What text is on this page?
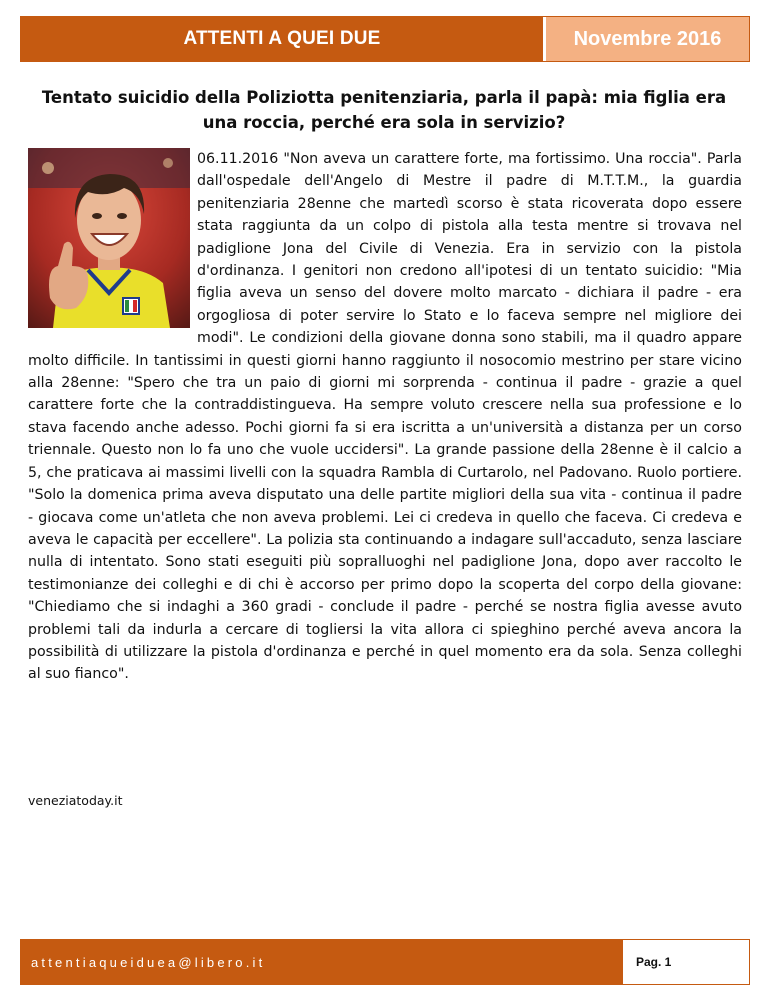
ATTENTI A QUEI DUE	Novembre 2016
Tentato suicidio della Poliziotta penitenziaria, parla il papà: mia figlia era una roccia, perché era sola in servizio?
06.11.2016 "Non aveva un carattere forte, ma fortissimo. Una roccia". Parla dall'ospedale dell'Angelo di Mestre il padre di M.T.T.M., la guardia penitenziaria 28enne che martedì scorso è stata ricoverata dopo essere stata raggiunta da un colpo di pistola alla testa mentre si trovava nel padiglione Jona del Civile di Venezia. Era in servizio con la pistola d'ordinanza. I genitori non credono all'ipotesi di un tentato suicidio: "Mia figlia aveva un senso del dovere molto marcato - dichiara il padre - era orgogliosa di poter servire lo Stato e lo faceva sempre nel migliore dei modi". Le condizioni della giovane donna sono stabili, ma il quadro appare molto difficile. In tantissimi in questi giorni hanno raggiunto il nosocomio mestrino per stare vicino alla 28enne: "Spero che tra un paio di giorni mi sorprenda - continua il padre - grazie a quel carattere forte che la contraddistingueva. Ha sempre voluto crescere nella sua professione e lo stava facendo anche adesso. Pochi giorni fa si era iscritta a un'università a distanza per un corso triennale. Questo non lo fa uno che vuole uccidersi". La grande passione della 28enne è il calcio a 5, che praticava ai massimi livelli con la squadra Rambla di Curtarolo, nel Padovano. Ruolo portiere. "Solo la domenica prima aveva disputato una delle partite migliori della sua vita - continua il padre - giocava come un'atleta che non aveva problemi. Lei ci credeva in quello che faceva. Ci credeva e aveva le capacità per eccellere". La polizia sta continuando a indagare sull'accaduto, senza lasciare nulla di intentato. Sono stati eseguiti più sopralluoghi nel padiglione Jona, dopo aver raccolto le testimonianze dei colleghi e di chi è accorso per primo dopo la scoperta del corpo della giovane: "Chiediamo che si indaghi a 360 gradi - conclude il padre - perché se nostra figlia avesse avuto problemi tali da indurla a cercare di togliersi la vita allora ci spieghino perché aveva ancora la possibilità di utilizzare la pistola d'ordinanza e perché in quel momento era da sola. Senza colleghi al suo fianco".
veneziatoday.it
attentiaqueiduea@libero.it	Pag. 1
